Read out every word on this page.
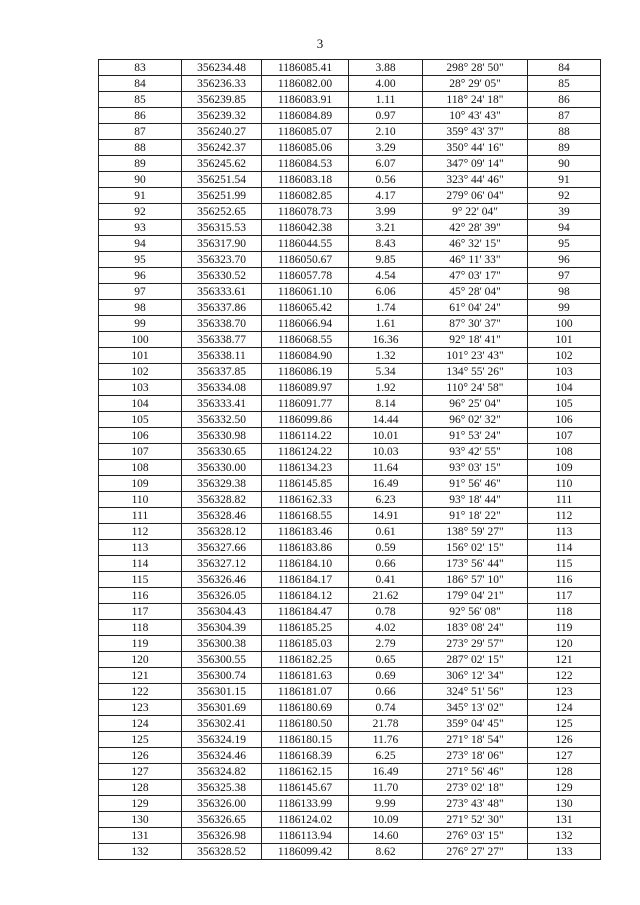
3
83	356234.48	1186085.41	3.88	298° 28' 50"	84
84	356236.33	1186082.00	4.00	28° 29' 05"	85
85	356239.85	1186083.91	1.11	118° 24' 18"	86
86	356239.32	1186084.89	0.97	10° 43' 43"	87
87	356240.27	1186085.07	2.10	359° 43' 37"	88
88	356242.37	1186085.06	3.29	350° 44' 16"	89
89	356245.62	1186084.53	6.07	347° 09' 14"	90
90	356251.54	1186083.18	0.56	323° 44' 46"	91
91	356251.99	1186082.85	4.17	279° 06' 04"	92
92	356252.65	1186078.73	3.99	9° 22' 04"	39
93	356315.53	1186042.38	3.21	42° 28' 39"	94
94	356317.90	1186044.55	8.43	46° 32' 15"	95
95	356323.70	1186050.67	9.85	46° 11' 33"	96
96	356330.52	1186057.78	4.54	47° 03' 17"	97
97	356333.61	1186061.10	6.06	45° 28' 04"	98
98	356337.86	1186065.42	1.74	61° 04' 24"	99
99	356338.70	1186066.94	1.61	87° 30' 37"	100
100	356338.77	1186068.55	16.36	92° 18' 41"	101
101	356338.11	1186084.90	1.32	101° 23' 43"	102
102	356337.85	1186086.19	5.34	134° 55' 26"	103
103	356334.08	1186089.97	1.92	110° 24' 58"	104
104	356333.41	1186091.77	8.14	96° 25' 04"	105
105	356332.50	1186099.86	14.44	96° 02' 32"	106
106	356330.98	1186114.22	10.01	91° 53' 24"	107
107	356330.65	1186124.22	10.03	93° 42' 55"	108
108	356330.00	1186134.23	11.64	93° 03' 15"	109
109	356329.38	1186145.85	16.49	91° 56' 46"	110
110	356328.82	1186162.33	6.23	93° 18' 44"	111
111	356328.46	1186168.55	14.91	91° 18' 22"	112
112	356328.12	1186183.46	0.61	138° 59' 27"	113
113	356327.66	1186183.86	0.59	156° 02' 15"	114
114	356327.12	1186184.10	0.66	173° 56' 44"	115
115	356326.46	1186184.17	0.41	186° 57' 10"	116
116	356326.05	1186184.12	21.62	179° 04' 21"	117
117	356304.43	1186184.47	0.78	92° 56' 08"	118
118	356304.39	1186185.25	4.02	183° 08' 24"	119
119	356300.38	1186185.03	2.79	273° 29' 57"	120
120	356300.55	1186182.25	0.65	287° 02' 15"	121
121	356300.74	1186181.63	0.69	306° 12' 34"	122
122	356301.15	1186181.07	0.66	324° 51' 56"	123
123	356301.69	1186180.69	0.74	345° 13' 02"	124
124	356302.41	1186180.50	21.78	359° 04' 45"	125
125	356324.19	1186180.15	11.76	271° 18' 54"	126
126	356324.46	1186168.39	6.25	273° 18' 06"	127
127	356324.82	1186162.15	16.49	271° 56' 46"	128
128	356325.38	1186145.67	11.70	273° 02' 18"	129
129	356326.00	1186133.99	9.99	273° 43' 48"	130
130	356326.65	1186124.02	10.09	271° 52' 30"	131
131	356326.98	1186113.94	14.60	276° 03' 15"	132
132	356328.52	1186099.42	8.62	276° 27' 27"	133
